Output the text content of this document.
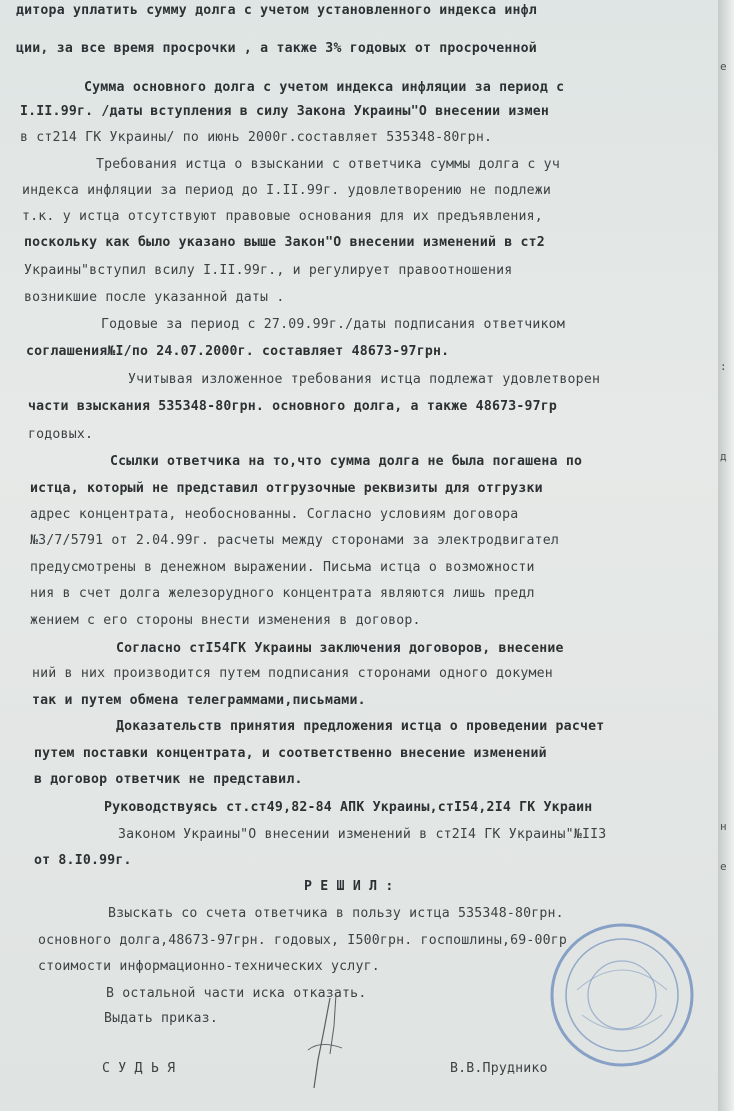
дитора уплатить сумму долга с учетом установленного индекса инфл
ции, за все время просрочки , а также 3% годовых от просроченной
Сумма основного долга с учетом индекса инфляции за период с
I.II.99г. /даты вступления в силу Закона Украины"О внесении измен
в ст214 ГК Украины/ по июнь 2000г.составляет 535348-80грн.
Требования истца о взыскании с ответчика суммы долга с уч
индекса инфляции за период до I.II.99г. удовлетворению не подлежи
т.к. у истца отсутствуют правовые основания для их предъявления,
поскольку как было указано выше Закон"О внесении изменений в ст2
Украины"вступил всилу I.II.99г., и регулирует правоотношения
возникшие после указанной даты .
Годовые за период с 27.09.99г./даты подписания ответчиком
соглашения№I/по 24.07.2000г. составляет 48673-97грн.
Учитывая изложенное требования истца подлежат удовлетворен
части взыскания 535348-80грн. основного долга, а также 48673-97гр
годовых.
Ссылки ответчика на то,что сумма долга не была погашена по
истца, который не представил отгрузочные реквизиты для отгрузки
адрес концентрата, необоснованны. Согласно условиям договора
№3/7/5791 от 2.04.99г. расчеты между сторонами за электродвигател
предусмотрены в денежном выражении. Письма истца о возможности
ния в счет долга железорудного концентрата являются лишь предл
жением с его стороны внести изменения в договор.
Согласно стI54ГК Украины заключения договоров, внесение
ний в них производится путем подписания сторонами одного докумен
так и путем обмена телеграммами,письмами.
Доказательств принятия предложения истца о проведении расчет
путем поставки концентрата, и соответственно внесение изменений
в договор ответчик не представил.
Руководствуясь ст.ст49,82-84 АПК Украины,стI54,2I4 ГК Украин
Законом Украины"О внесении изменений в ст2I4 ГК Украины"№II3
от 8.I0.99г.
Р Е Ш И Л :
Взыскать со счета ответчика в пользу истца 535348-80грн.
основного долга,48673-97грн. годовых, I500грн. госпошлины,69-00гр
стоимости информационно-технических услуг.
В остальной части иска отказать.
Выдать приказ.
С У Д Ь Я	В.В.Пруднико
е
:
д
н
е
